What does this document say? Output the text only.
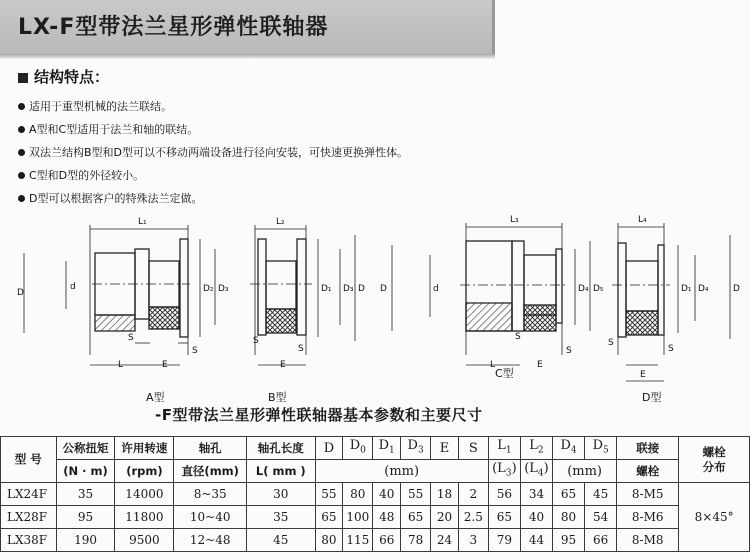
LX-F型带法兰星形弹性联轴器
结构特点：
适用于重型机械的法兰联结。
A型和C型适用于法兰和轴的联结。
双法兰结构B型和D型可以不移动两端设备进行径向安装，可快速更换弹性体。
C型和D型的外径较小。
D型可以根据客户的特殊法兰定做。
L₁
D
d	D₂ D₃
S
S
L	E
L₂
D₁ D₃ D
S
S
E
L₃
D	d	D₄ D₅
S
S
L	E
L₄
D₁ D₄	D
S
S
E
A型	B型
C型
D型
-F型带法兰星形弹性联轴器基本参数和主要尺寸
型 号	公称扭矩	许用转速	轴孔	轴孔长度	D	$D_0$	$D_1$	$D_3$	E	S	$L_1$	$L_2$	$D_4$	$D_5$	联接	螺栓
分布
	(N · m)	(rpm)	直径(mm)	L( mm )	(mm)						$(L_3)$	$(L_4)$	(mm)		螺栓	
LX24F	35	14000	8~35	30	55	80	40	55	18	2	56	34	65	45	8-M5	8×45°
LX28F	95	11800	10~40	35	65	100	48	65	20	2.5	65	40	80	54	8-M6	
LX38F	190	9500	12~48	45	80	115	66	78	24	3	79	44	95	66	8-M8	
